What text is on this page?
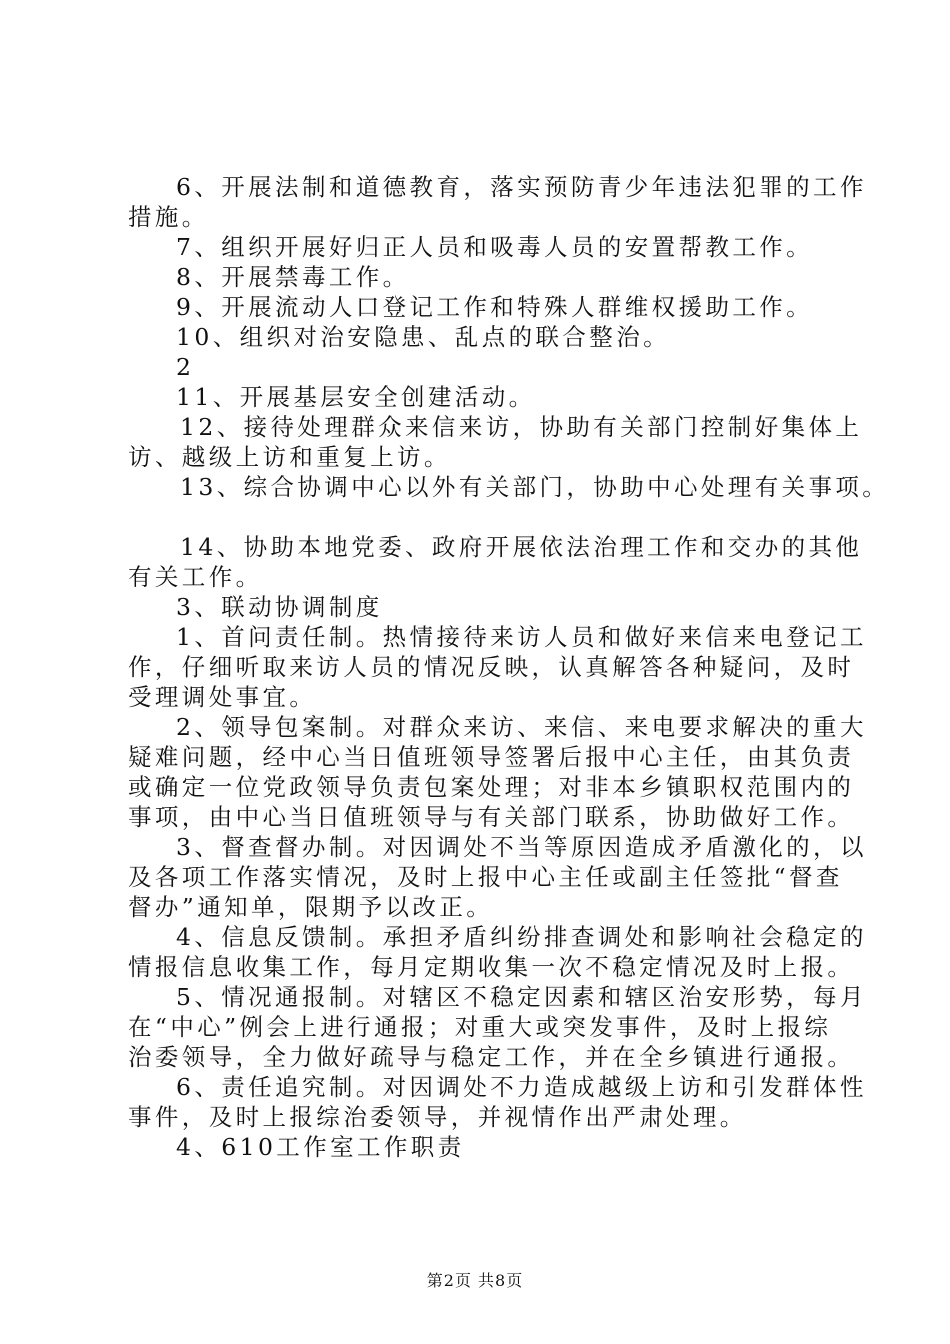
6、开展法制和道德教育，落实预防青少年违法犯罪的工作
措施。
7、组织开展好归正人员和吸毒人员的安置帮教工作。
8、开展禁毒工作。
9、开展流动人口登记工作和特殊人群维权援助工作。
10、组织对治安隐患、乱点的联合整治。
2
11、开展基层安全创建活动。
12、接待处理群众来信来访，协助有关部门控制好集体上
访、越级上访和重复上访。
13、综合协调中心以外有关部门，协助中心处理有关事项。
14、协助本地党委、政府开展依法治理工作和交办的其他
有关工作。
3、联动协调制度
1、首问责任制。热情接待来访人员和做好来信来电登记工
作，仔细听取来访人员的情况反映，认真解答各种疑问，及时
受理调处事宜。
2、领导包案制。对群众来访、来信、来电要求解决的重大
疑难问题，经中心当日值班领导签署后报中心主任，由其负责
或确定一位党政领导负责包案处理；对非本乡镇职权范围内的
事项，由中心当日值班领导与有关部门联系，协助做好工作。
3、督查督办制。对因调处不当等原因造成矛盾激化的，以
及各项工作落实情况，及时上报中心主任或副主任签批“督查
督办”通知单，限期予以改正。
4、信息反馈制。承担矛盾纠纷排查调处和影响社会稳定的
情报信息收集工作，每月定期收集一次不稳定情况及时上报。
5、情况通报制。对辖区不稳定因素和辖区治安形势，每月
在“中心”例会上进行通报；对重大或突发事件，及时上报综
治委领导，全力做好疏导与稳定工作，并在全乡镇进行通报。
6、责任追究制。对因调处不力造成越级上访和引发群体性
事件，及时上报综治委领导，并视情作出严肃处理。
4、610工作室工作职责
第2页 共8页
